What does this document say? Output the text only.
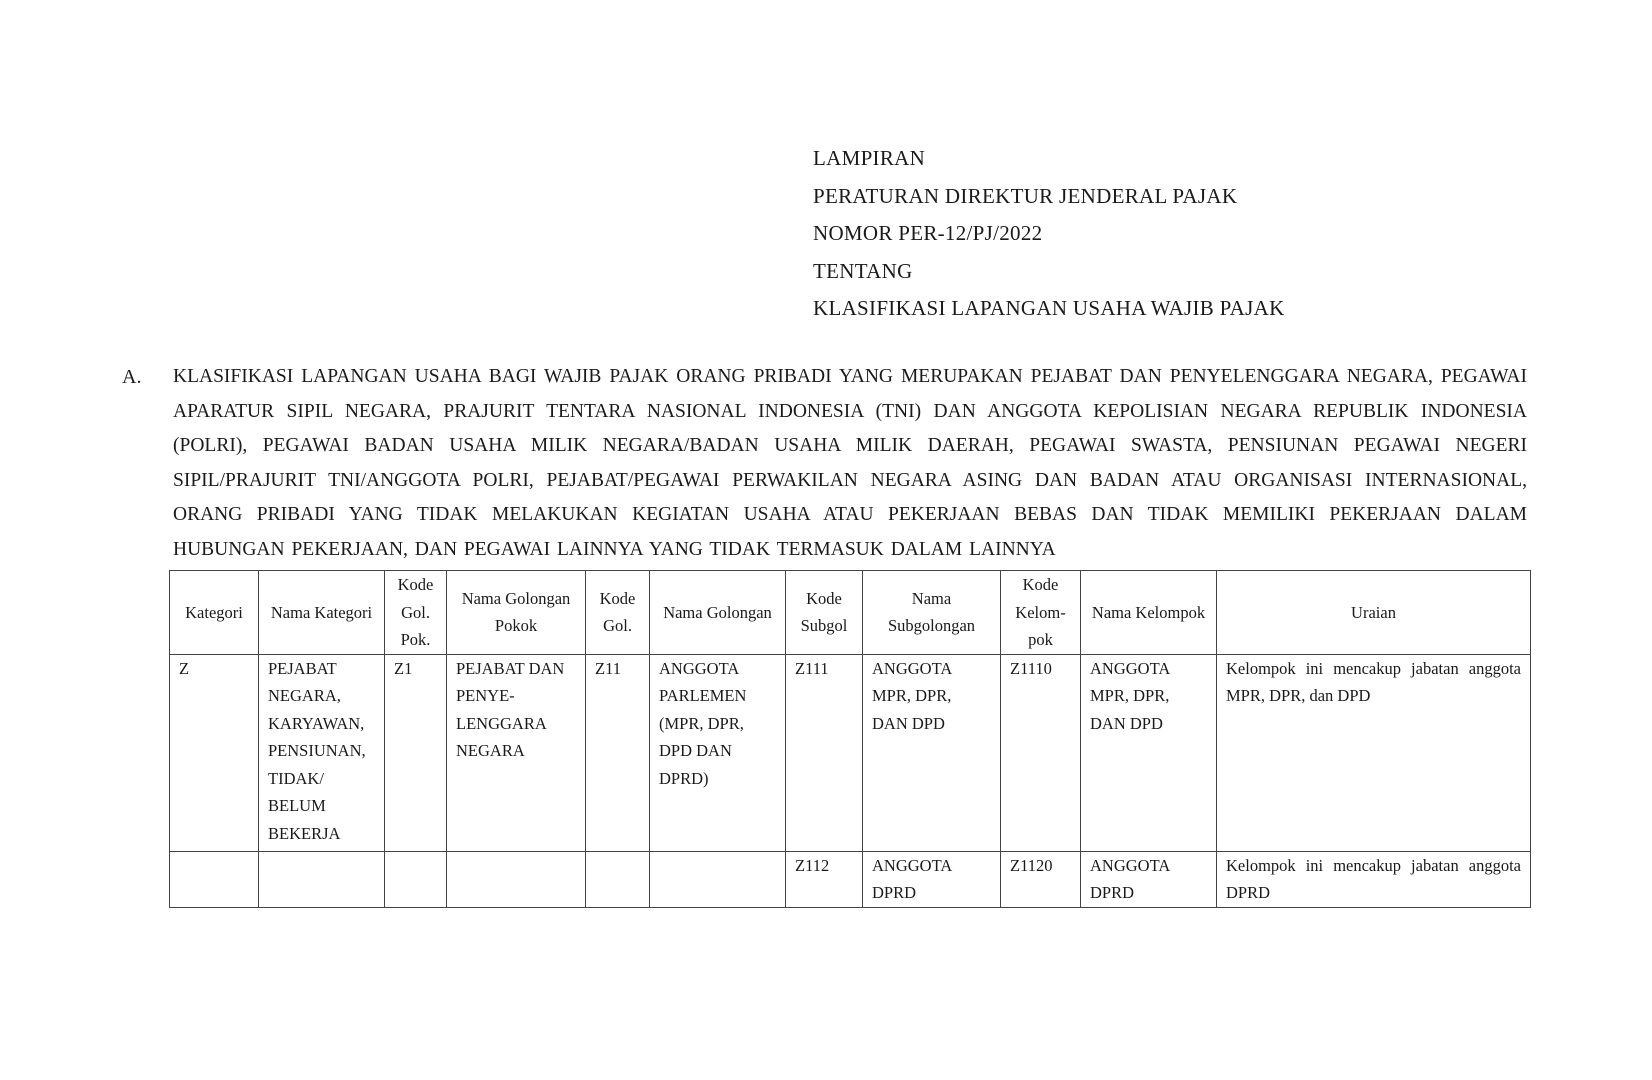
LAMPIRAN
PERATURAN DIREKTUR JENDERAL PAJAK
NOMOR PER-12/PJ/2022
TENTANG
KLASIFIKASI LAPANGAN USAHA WAJIB PAJAK
A. KLASIFIKASI LAPANGAN USAHA BAGI WAJIB PAJAK ORANG PRIBADI YANG MERUPAKAN PEJABAT DAN PENYELENGGARA NEGARA, PEGAWAI APARATUR SIPIL NEGARA, PRAJURIT TENTARA NASIONAL INDONESIA (TNI) DAN ANGGOTA KEPOLISIAN NEGARA REPUBLIK INDONESIA (POLRI), PEGAWAI BADAN USAHA MILIK NEGARA/BADAN USAHA MILIK DAERAH, PEGAWAI SWASTA, PENSIUNAN PEGAWAI NEGERI SIPIL/PRAJURIT TNI/ANGGOTA POLRI, PEJABAT/PEGAWAI PERWAKILAN NEGARA ASING DAN BADAN ATAU ORGANISASI INTERNASIONAL, ORANG PRIBADI YANG TIDAK MELAKUKAN KEGIATAN USAHA ATAU PEKERJAAN BEBAS DAN TIDAK MEMILIKI PEKERJAAN DALAM HUBUNGAN PEKERJAAN, DAN PEGAWAI LAINNYA YANG TIDAK TERMASUK DALAM LAINNYA
Kategori	Nama Kategori	Kode Gol. Pok.	Nama Golongan Pokok	Kode Gol.	Nama Golongan	Kode Subgol	Nama Subgolongan	Kode Kelom-pok	Nama Kelompok	Uraian
Z	PEJABAT NEGARA, KARYAWAN, PENSIUNAN, TIDAK/ BELUM BEKERJA	Z1	PEJABAT DAN PENYE-LENGGARA NEGARA	Z11	ANGGOTA PARLEMEN (MPR, DPR, DPD DAN DPRD)	Z111	ANGGOTA MPR, DPR, DAN DPD	Z1110	ANGGOTA MPR, DPR, DAN DPD	Kelompok ini mencakup jabatan anggota MPR, DPR, dan DPD
						Z112	ANGGOTA DPRD	Z1120	ANGGOTA DPRD	Kelompok ini mencakup jabatan anggota DPRD
